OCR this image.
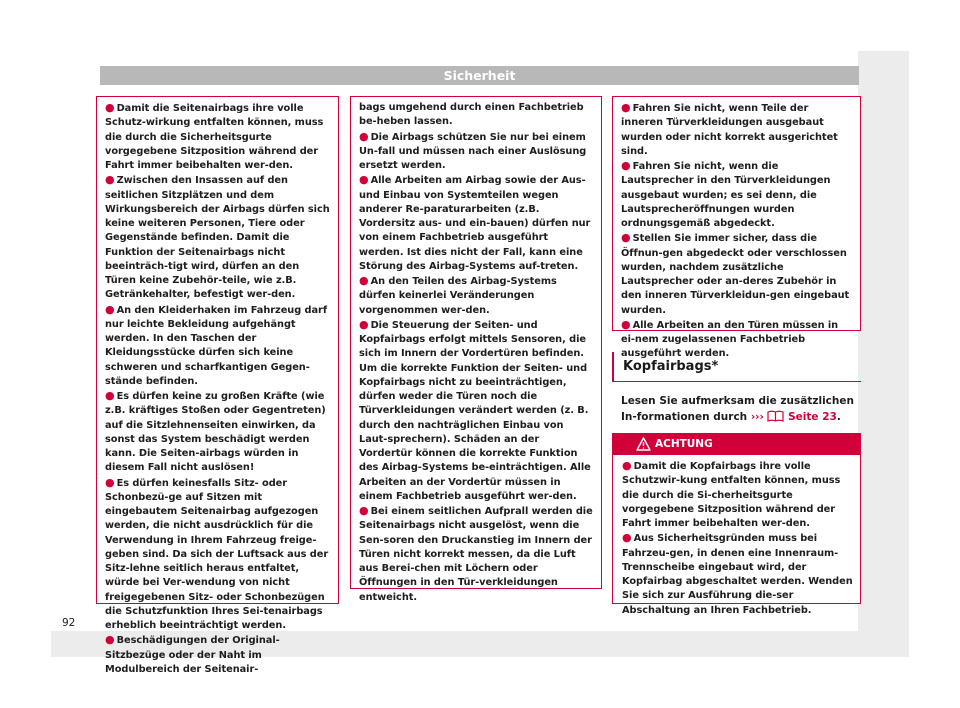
Sicherheit
● Damit die Seitenairbags ihre volle Schutz-wirkung entfalten können, muss die durch die Sicherheitsgurte vorgegebene Sitzposition während der Fahrt immer beibehalten wer-den.
● Zwischen den Insassen auf den seitlichen Sitzplätzen und dem Wirkungsbereich der Airbags dürfen sich keine weiteren Personen, Tiere oder Gegenstände befinden. Damit die Funktion der Seitenairbags nicht beeinträch-tigt wird, dürfen an den Türen keine Zubehör-teile, wie z.B. Getränkehalter, befestigt wer-den.
● An den Kleiderhaken im Fahrzeug darf nur leichte Bekleidung aufgehängt werden. In den Taschen der Kleidungsstücke dürfen sich keine schweren und scharfkantigen Gegen-stände befinden.
● Es dürfen keine zu großen Kräfte (wie z.B. kräftiges Stoßen oder Gegentreten) auf die Sitzlehnenseiten einwirken, da sonst das System beschädigt werden kann. Die Seiten-airbags würden in diesem Fall nicht auslösen!
● Es dürfen keinesfalls Sitz- oder Schonbezü-ge auf Sitzen mit eingebautem Seitenairbag aufgezogen werden, die nicht ausdrücklich für die Verwendung in Ihrem Fahrzeug freige-geben sind. Da sich der Luftsack aus der Sitz-lehne seitlich heraus entfaltet, würde bei Ver-wendung von nicht freigegebenen Sitz- oder Schonbezügen die Schutzfunktion Ihres Sei-tenairbags erheblich beeinträchtigt werden.
● Beschädigungen der Original-Sitzbezüge oder der Naht im Modulbereich der Seitenair-
bags umgehend durch einen Fachbetrieb be-heben lassen.
● Die Airbags schützen Sie nur bei einem Un-fall und müssen nach einer Auslösung ersetzt werden.
● Alle Arbeiten am Airbag sowie der Aus- und Einbau von Systemteilen wegen anderer Re-paraturarbeiten (z.B. Vordersitz aus- und ein-bauen) dürfen nur von einem Fachbetrieb ausgeführt werden. Ist dies nicht der Fall, kann eine Störung des Airbag-Systems auf-treten.
● An den Teilen des Airbag-Systems dürfen keinerlei Veränderungen vorgenommen wer-den.
● Die Steuerung der Seiten- und Kopfairbags erfolgt mittels Sensoren, die sich im Innern der Vordertüren befinden. Um die korrekte Funktion der Seiten- und Kopfairbags nicht zu beeinträchtigen, dürfen weder die Türen noch die Türverkleidungen verändert werden (z. B. durch den nachträglichen Einbau von Laut-sprechern). Schäden an der Vordertür können die korrekte Funktion des Airbag-Systems be-einträchtigen. Alle Arbeiten an der Vordertür müssen in einem Fachbetrieb ausgeführt wer-den.
● Bei einem seitlichen Aufprall werden die Seitenairbags nicht ausgelöst, wenn die Sen-soren den Druckanstieg im Innern der Türen nicht korrekt messen, da die Luft aus Berei-chen mit Löchern oder Öffnungen in den Tür-verkleidungen entweicht.
● Fahren Sie nicht, wenn Teile der inneren Türverkleidungen ausgebaut wurden oder nicht korrekt ausgerichtet sind.
● Fahren Sie nicht, wenn die Lautsprecher in den Türverkleidungen ausgebaut wurden; es sei denn, die Lautsprecheröffnungen wurden ordnungsgemäß abgedeckt.
● Stellen Sie immer sicher, dass die Öffnun-gen abgedeckt oder verschlossen wurden, nachdem zusätzliche Lautsprecher oder an-deres Zubehör in den inneren Türverkleidun-gen eingebaut wurden.
● Alle Arbeiten an den Türen müssen in ei-nem zugelassenen Fachbetrieb ausgeführt werden.
Kopfairbags*

Lesen Sie aufmerksam die zusätzlichen In-formationen durch ››› Seite 23.

ACHTUNG
● Damit die Kopfairbags ihre volle Schutzwir-kung entfalten können, muss die durch die Si-cherheitsgurte vorgegebene Sitzposition während der Fahrt immer beibehalten wer-den.
● Aus Sicherheitsgründen muss bei Fahrzeu-gen, in denen eine Innenraum-Trennscheibe eingebaut wird, der Kopfairbag abgeschaltet werden. Wenden Sie sich zur Ausführung die-ser Abschaltung an Ihren Fachbetrieb.
92
